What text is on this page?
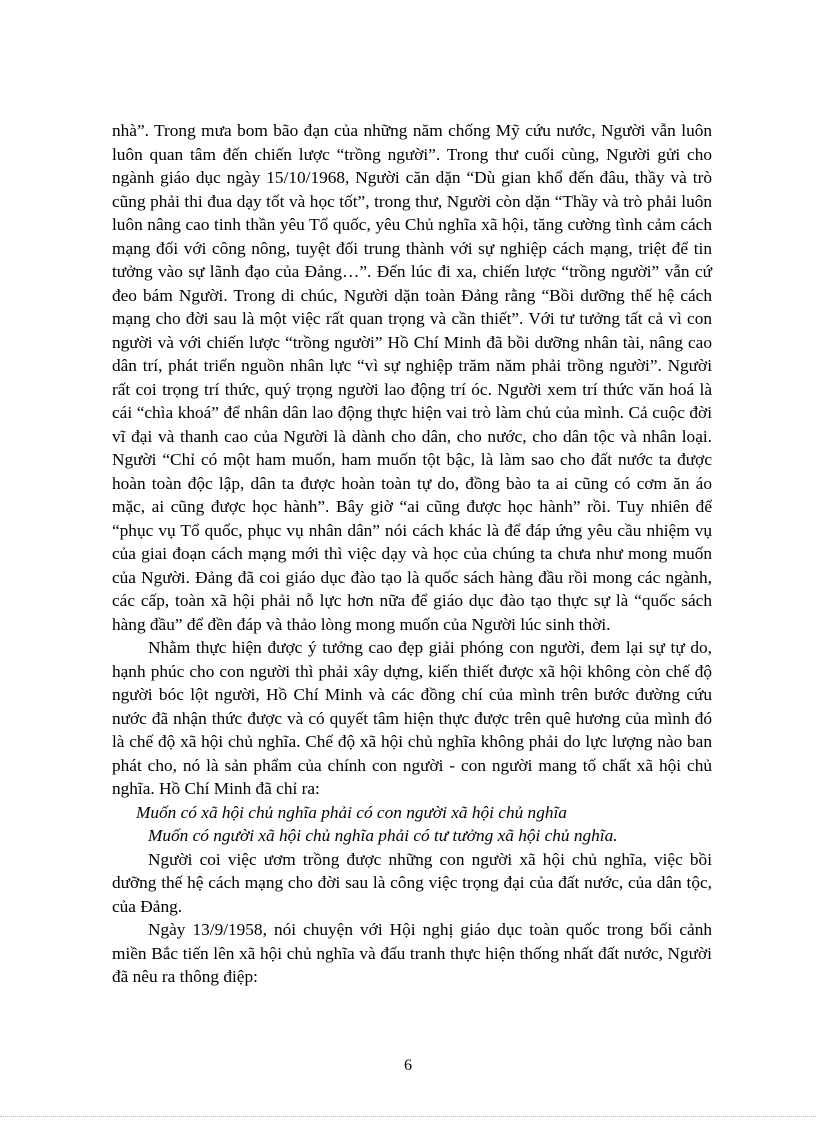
nhà”. Trong mưa bom bão đạn của những năm chống Mỹ cứu nước, Người vẫn luôn luôn quan tâm đến chiến lược “trồng người”. Trong thư cuối cùng, Người gửi cho ngành giáo dục ngày 15/10/1968, Người căn dặn “Dù gian khổ đến đâu, thầy và trò cũng phải thi đua dạy tốt và học tốt”, trong thư, Người còn dặn “Thầy và trò phải luôn luôn nâng cao tinh thần yêu Tổ quốc, yêu Chủ nghĩa xã hội, tăng cường tình cảm cách mạng đối với công nông, tuyệt đối trung thành với sự nghiệp cách mạng, triệt để tin tưởng vào sự lãnh đạo của Đảng…”. Đến lúc đi xa, chiến lược “trồng người” vẫn cứ đeo bám Người. Trong di chúc, Người dặn toàn Đảng rằng “Bồi dưỡng thế hệ cách mạng cho đời sau là một việc rất quan trọng và cần thiết”. Với tư tưởng tất cả vì con người và với chiến lược “trồng người” Hồ Chí Minh đã bồi dưỡng nhân tài, nâng cao dân trí, phát triển nguồn nhân lực “vì sự nghiệp trăm năm phải trồng người”. Người rất coi trọng trí thức, quý trọng người lao động trí óc. Người xem trí thức văn hoá là cái “chìa khoá” để nhân dân lao động thực hiện vai trò làm chủ của mình. Cả cuộc đời vĩ đại và thanh cao của Người là dành cho dân, cho nước, cho dân tộc và nhân loại. Người “Chỉ có một ham muốn, ham muốn tột bậc, là làm sao cho đất nước ta được hoàn toàn độc lập, dân ta được hoàn toàn tự do, đồng bào ta ai cũng có cơm ăn áo mặc, ai cũng được học hành”. Bây giờ “ai cũng được học hành” rồi. Tuy nhiên để “phục vụ Tổ quốc, phục vụ nhân dân” nói cách khác là để đáp ứng yêu cầu nhiệm vụ của giai đoạn cách mạng mới thì việc dạy và học của chúng ta chưa như mong muốn của Người. Đảng đã coi giáo dục đào tạo là quốc sách hàng đầu rồi mong các ngành, các cấp, toàn xã hội phải nỗ lực hơn nữa để giáo dục đào tạo thực sự là “quốc sách hàng đầu” để đền đáp và thảo lòng mong muốn của Người lúc sinh thời.

Nhằm thực hiện được ý tưởng cao đẹp giải phóng con người, đem lại sự tự do, hạnh phúc cho con người thì phải xây dựng, kiến thiết được xã hội không còn chế độ người bóc lột người, Hồ Chí Minh và các đồng chí của mình trên bước đường cứu nước đã nhận thức được và có quyết tâm hiện thực được trên quê hương của mình đó là chế độ xã hội chủ nghĩa. Chế độ xã hội chủ nghĩa không phải do lực lượng nào ban phát cho, nó là sản phẩm của chính con người - con người mang tố chất xã hội chủ nghĩa. Hồ Chí Minh đã chỉ ra:

Muốn có xã hội chủ nghĩa phải có con người xã hội chủ nghĩa

Muốn có người xã hội chủ nghĩa phải có tư tưởng xã hội chủ nghĩa.

Người coi việc ươm trồng được những con người xã hội chủ nghĩa, việc bồi dưỡng thế hệ cách mạng cho đời sau là công việc trọng đại của đất nước, của dân tộc, của Đảng.

Ngày 13/9/1958, nói chuyện với Hội nghị giáo dục toàn quốc trong bối cảnh miền Bắc tiến lên xã hội chủ nghĩa và đấu tranh thực hiện thống nhất đất nước, Người đã nêu ra thông điệp:

6
